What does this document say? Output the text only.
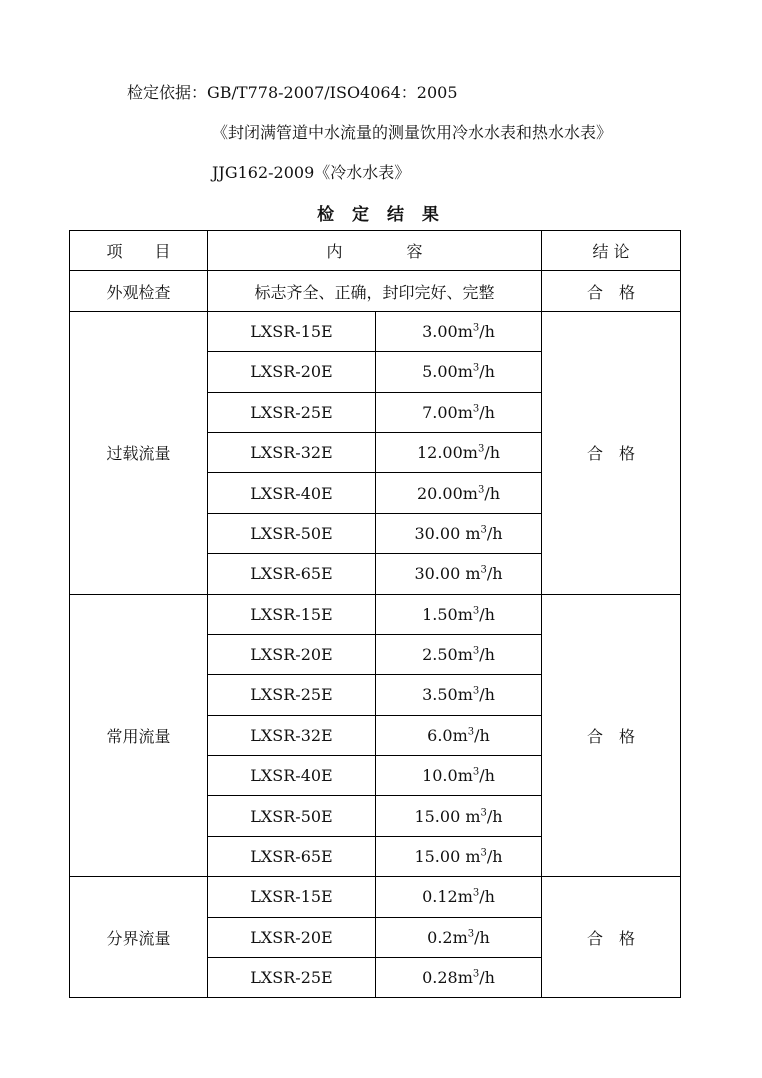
检定依据：GB/T778-2007/ISO4064：2005
《封闭满管道中水流量的测量饮用冷水水表和热水水表》
JJG162-2009《冷水水表》
检 定 结 果
项　　目	内　　　　容		结 论
外观检查	标志齐全、正确，封印完好、完整		合　格
过载流量	LXSR-15E	$3.00m^3/h$	合　格
	LXSR-20E	$5.00m^3/h$	
	LXSR-25E	$7.00m^3/h$	
	LXSR-32E	$12.00m^3/h$	
	LXSR-40E	$20.00m^3/h$	
	LXSR-50E	30.00 $m^3/h$	
	LXSR-65E	30.00 $m^3/h$	
常用流量	LXSR-15E	$1.50m^3/h$	合　格
	LXSR-20E	$2.50m^3/h$	
	LXSR-25E	$3.50m^3/h$	
	LXSR-32E	$6.0m^3/h$	
	LXSR-40E	$10.0m^3/h$	
	LXSR-50E	15.00 $m^3/h$	
	LXSR-65E	15.00 $m^3/h$	
分界流量	LXSR-15E	$0.12m^3/h$	合　格
	LXSR-20E	$0.2m^3/h$	
	LXSR-25E	$0.28m^3/h$	
